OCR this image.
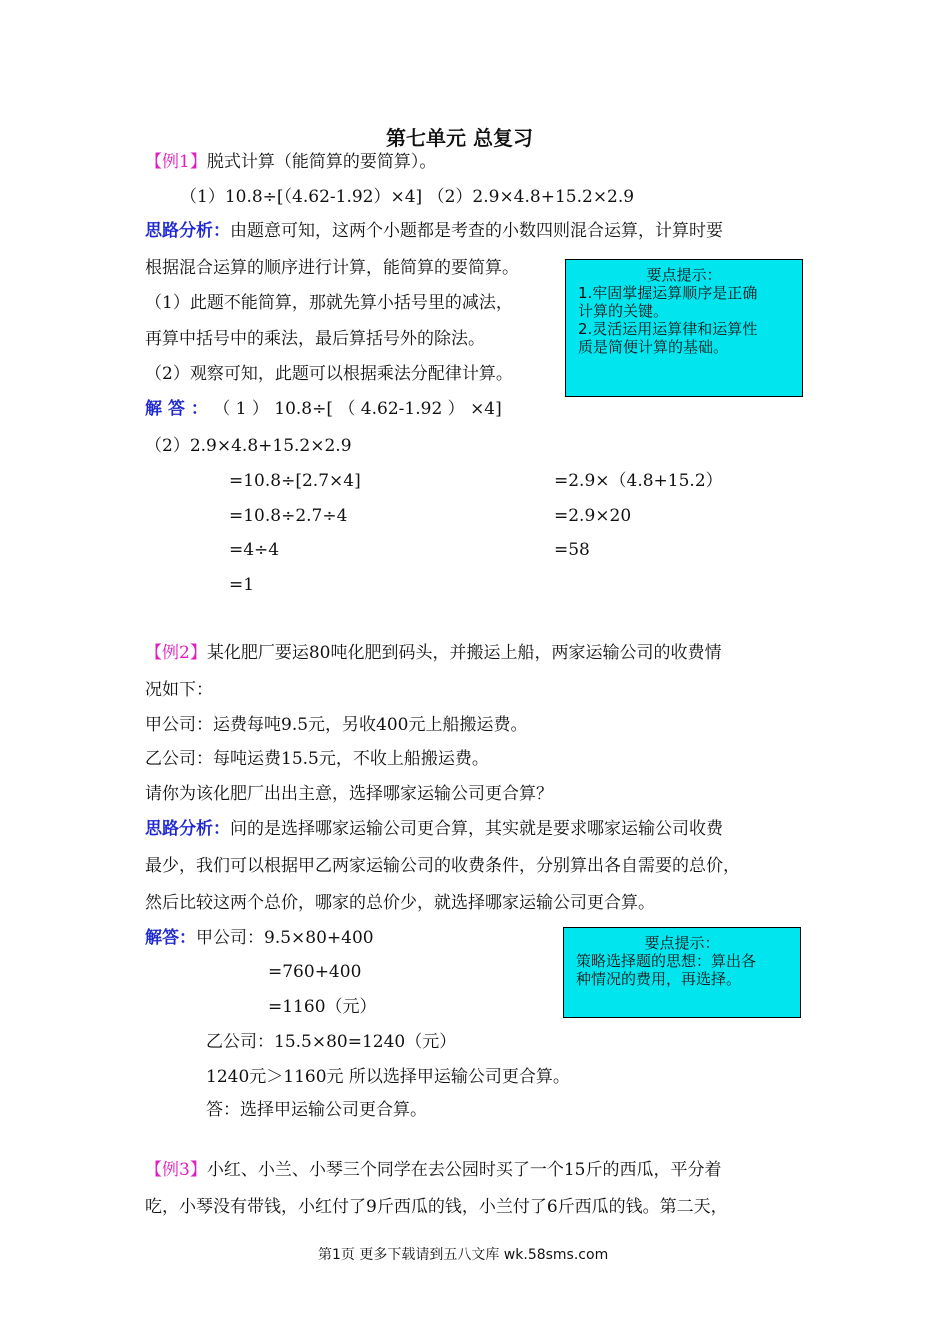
第七单元 总复习
【例1】脱式计算（能简算的要简算）。
（1）10.8÷[（4.62-1.92）×4] （2）2.9×4.8+15.2×2.9
思路分析：由题意可知，这两个小题都是考查的小数四则混合运算，计算时要
根据混合运算的顺序进行计算，能简算的要简算。
（1）此题不能简算，那就先算小括号里的减法，
再算中括号中的乘法，最后算括号外的除法。
（2）观察可知，此题可以根据乘法分配律计算。
要点提示：
1.牢固掌握运算顺序是正确
计算的关键。
2.灵活运用运算律和运算性
质是简便计算的基础。
解 答 ： （ 1 ） 10.8÷[ （ 4.62-1.92 ） ×4]
（2）2.9×4.8+15.2×2.9
=10.8÷[2.7×4]
=10.8÷2.7÷4
=4÷4
=1
=2.9×（4.8+15.2）
=2.9×20
=58
【例2】某化肥厂要运80吨化肥到码头，并搬运上船，两家运输公司的收费情
况如下：
甲公司：运费每吨9.5元，另收400元上船搬运费。
乙公司：每吨运费15.5元，不收上船搬运费。
请你为该化肥厂出出主意，选择哪家运输公司更合算？
思路分析：问的是选择哪家运输公司更合算，其实就是要求哪家运输公司收费
最少，我们可以根据甲乙两家运输公司的收费条件，分别算出各自需要的总价，
然后比较这两个总价，哪家的总价少，就选择哪家运输公司更合算。
解答：甲公司：9.5×80+400
=760+400
=1160（元）
乙公司：15.5×80=1240（元）
1240元＞1160元 所以选择甲运输公司更合算。
答：选择甲运输公司更合算。
要点提示：
策略选择题的思想：算出各
种情况的费用，再选择。
【例3】小红、小兰、小琴三个同学在去公园时买了一个15斤的西瓜，平分着
吃，小琴没有带钱，小红付了9斤西瓜的钱，小兰付了6斤西瓜的钱。第二天，
第1页 更多下载请到五八文库 wk.58sms.com
